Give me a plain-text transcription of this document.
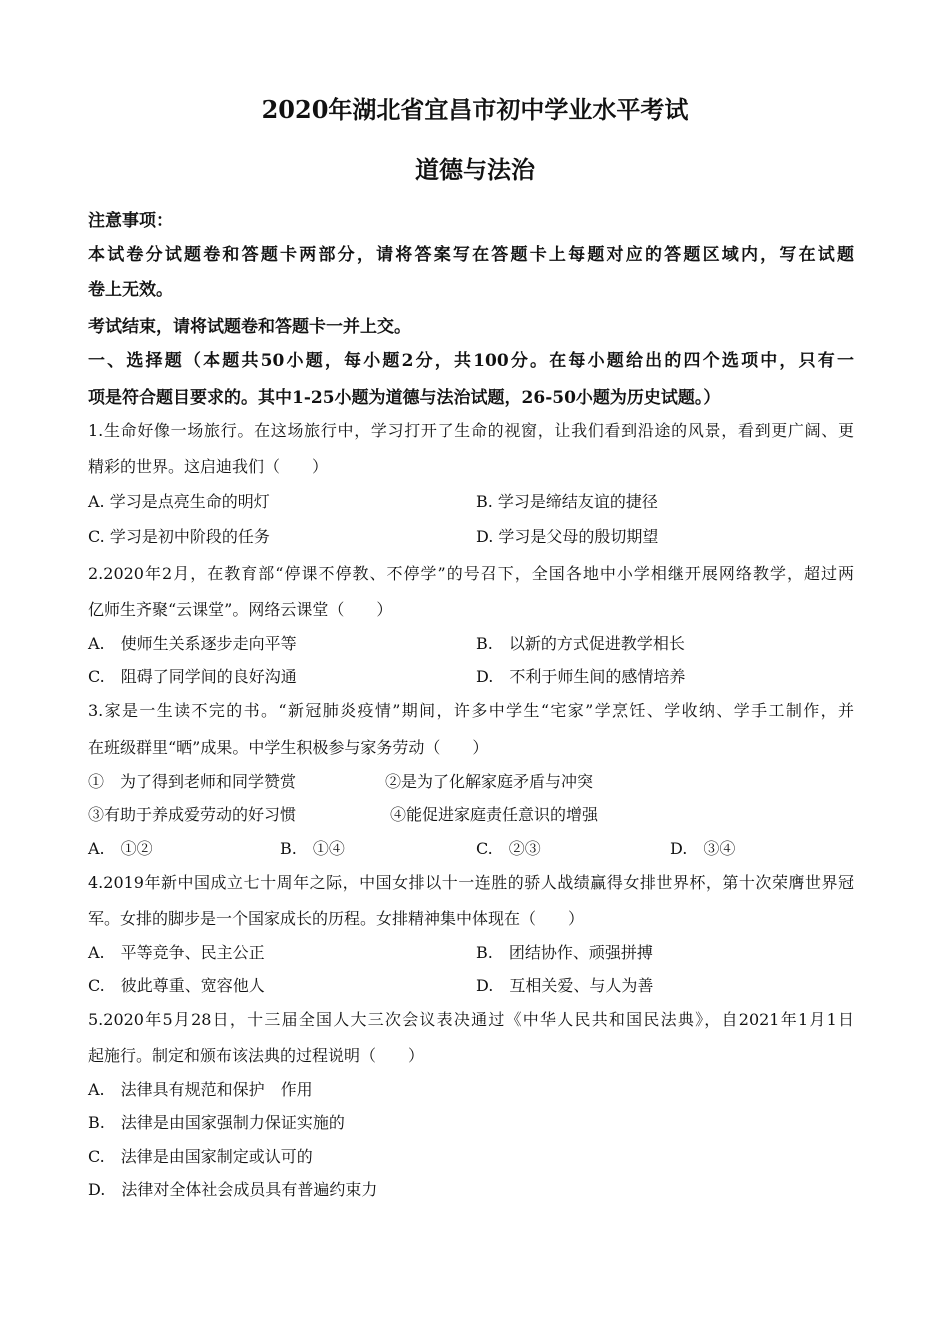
2020年湖北省宜昌市初中学业水平考试
道德与法治
注意事项：
本试卷分试题卷和答题卡两部分，请将答案写在答题卡上每题对应的答题区域内，写在试题
卷上无效。
考试结束，请将试题卷和答题卡一并上交。
一、选择题（本题共50小题，每小题2分，共100分。在每小题给出的四个选项中，只有一
项是符合题目要求的。其中1-25小题为道德与法治试题，26-50小题为历史试题。）
1.生命好像一场旅行。在这场旅行中，学习打开了生命的视窗，让我们看到沿途的风景，看到更广阔、更
精彩的世界。这启迪我们（　　）
A. 学习是点亮生命的明灯	B. 学习是缔结友谊的捷径
C. 学习是初中阶段的任务	D. 学习是父母的殷切期望
2.2020年2月，在教育部“停课不停教、不停学”的号召下，全国各地中小学相继开展网络教学，超过两
亿师生齐聚“云课堂”。网络云课堂（　　）
A.　使师生关系逐步走向平等	B.　以新的方式促进教学相长
C.　阻碍了同学间的良好沟通	D.　不利于师生间的感情培养
3.家是一生读不完的书。“新冠肺炎疫情”期间，许多中学生“宅家”学烹饪、学收纳、学手工制作，并
在班级群里“晒”成果。中学生积极参与家务劳动（　　）
①　为了得到老师和同学赞赏	②是为了化解家庭矛盾与冲突
③有助于养成爱劳动的好习惯	④能促进家庭责任意识的增强
A.　①②	B.　①④	C.　②③	D.　③④
4.2019年新中国成立七十周年之际，中国女排以十一连胜的骄人战绩赢得女排世界杯，第十次荣膺世界冠
军。女排的脚步是一个国家成长的历程。女排精神集中体现在（　　）
A.　平等竞争、民主公正	B.　团结协作、顽强拼搏
C.　彼此尊重、宽容他人	D.　互相关爱、与人为善
5.2020年5月28日，十三届全国人大三次会议表决通过《中华人民共和国民法典》，自2021年1月1日
起施行。制定和颁布该法典的过程说明（　　）
A.　法律具有规范和保护　作用
B.　法律是由国家强制力保证实施的
C.　法律是由国家制定或认可的
D.　法律对全体社会成员具有普遍约束力
